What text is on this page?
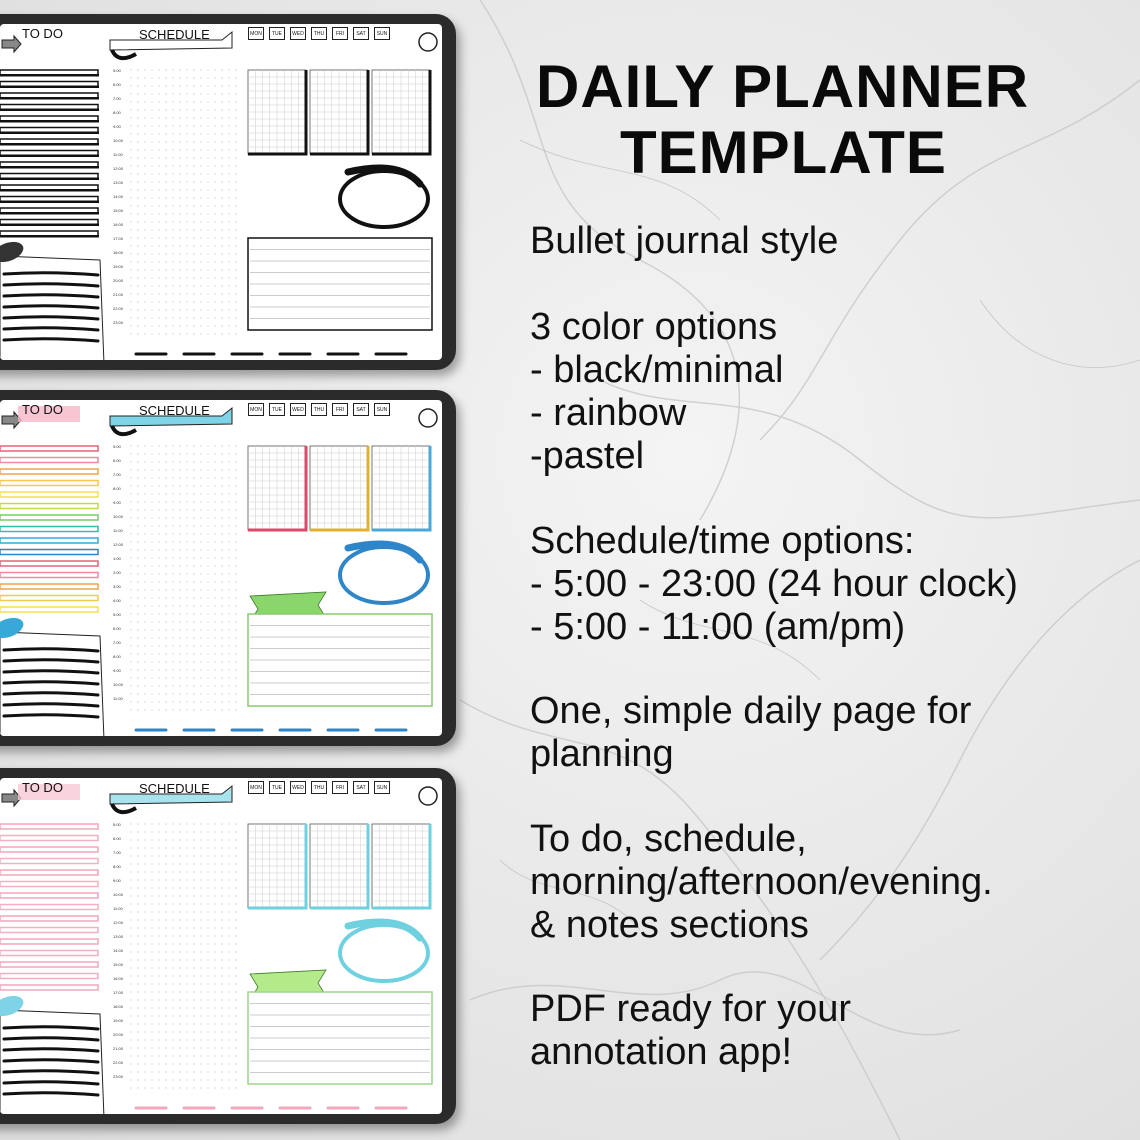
TO DO	SCHEDULE	MON	TUE	WED	THU	FRI	SAT	SUN
5:00
6:00
7:00
8:00
9:00
10:00
11:00
12:00
13:00
14:00
15:00
16:00
17:00
18:00
19:00
20:00
21:00
22:00
23:00
TO DO	SCHEDULE	MON	TUE	WED	THU	FRI	SAT	SUN
5:00
6:00
7:00
8:00
9:00
10:00
11:00
12:00
1:00
2:00
3:00
4:00
5:00
6:00
7:00
8:00
9:00
10:00
11:00
TO DO	SCHEDULE	MON	TUE	WED	THU	FRI	SAT	SUN
5:00
6:00
7:00
8:00
9:00
10:00
11:00
12:00
13:00
14:00
15:00
16:00
17:00
18:00
19:00
20:00
21:00
22:00
23:00
DAILY PLANNER
TEMPLATE
Bullet journal style
3 color options
- black/minimal
- rainbow
-pastel
Schedule/time options:
- 5:00 - 23:00 (24 hour clock)
- 5:00 - 11:00 (am/pm)
One, simple daily page for
planning
To do, schedule,
morning/afternoon/evening.
& notes sections
PDF ready for your
annotation app!
